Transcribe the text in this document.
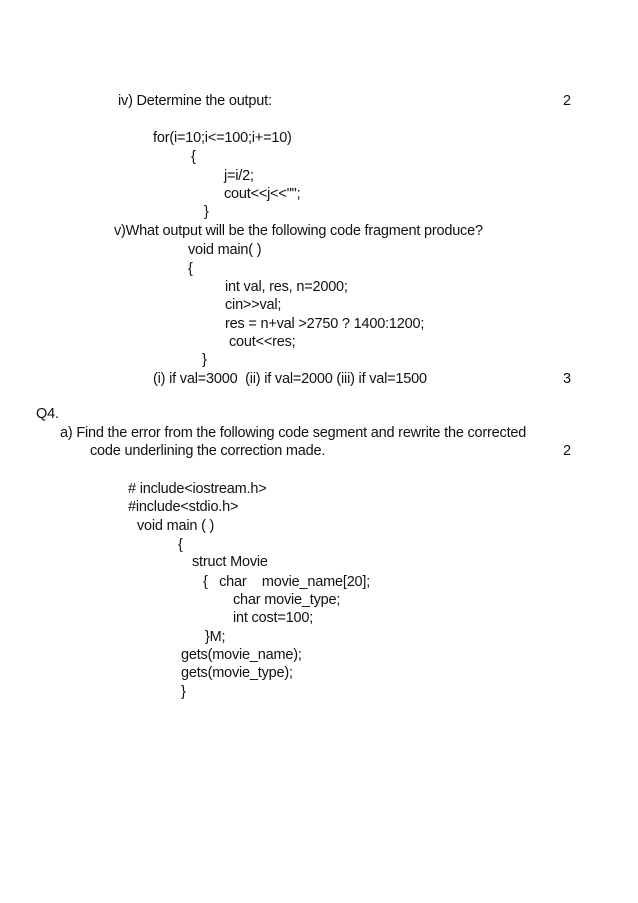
iv) Determine the output:	2
for(i=10;i<=100;i+=10)
{
j=i/2;
cout<<j<<"";
}
v)What output will be the following code fragment produce?
void main( )
{
int val, res, n=2000;
cin>>val;
res = n+val >2750 ? 1400:1200;
cout<<res;
}
(i) if val=3000  (ii) if val=2000 (iii) if val=1500	3
Q4.
a) Find the error from the following code segment and rewrite the corrected
code underlining the correction made.	2
# include<iostream.h>
#include<stdio.h>
void main ( )
{
struct Movie
{   char    movie_name[20];
char movie_type;
int cost=100;
}M;
gets(movie_name);
gets(movie_type);
}
